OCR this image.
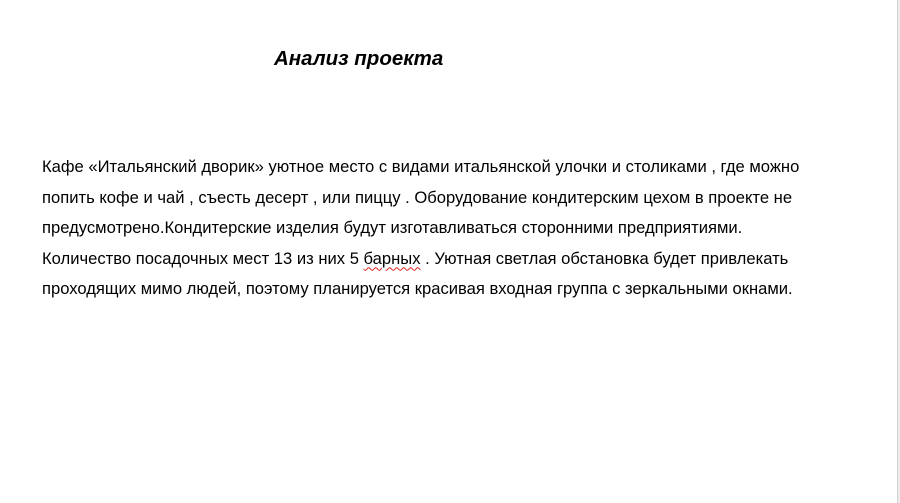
Анализ проекта
Кафе «Итальянский дворик» уютное место с видами итальянской улочки и столиками , где можно
попить кофе и чай , съесть десерт , или пиццу . Оборудование кондитерским цехом в проекте не
предусмотрено.Кондитерские изделия будут изготавливаться сторонними предприятиями.
Количество посадочных мест 13 из них 5 барных . Уютная светлая обстановка будет привлекать
проходящих мимо людей, поэтому планируется красивая входная группа с зеркальными окнами.
